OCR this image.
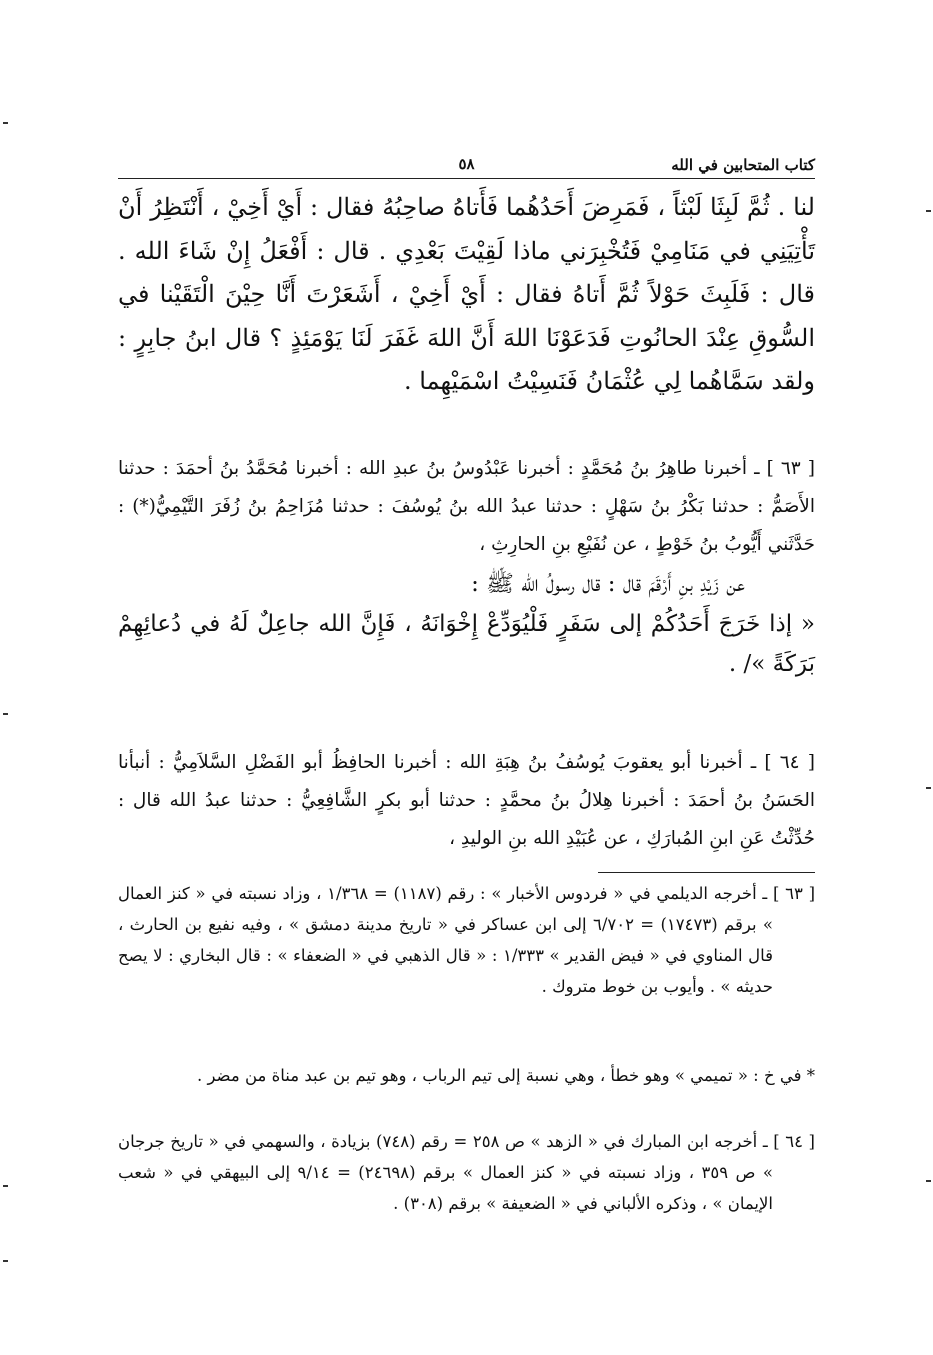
٥٨	كتاب المتحابين في الله

لنا . ثُمَّ لَبِثَا لَبْثاً ، فَمَرِضَ أَحَدُهُما فَأَتاهُ صاحِبُهُ فقال : أَيْ أَخِيْ ، أَنْتَظِرُ أَنْ تَأْتِيَنِي في مَنَامِيْ فَتُخْبِرَني ماذا لَقِيْتَ بَعْدِي . قال : أَفْعَلُ إِنْ شَاءَ الله . قال : فَلَبِثَ حَوْلاً ثُمَّ أَتاهُ فقال : أَيْ أَخِيْ ، أَشَعَرْتَ أَنَّا حِيْنَ الْتَقَيْنا في السُّوقِ عِنْدَ الحانُوتِ فَدَعَوْنَا اللهَ أَنَّ اللهَ غَفَرَ لَنَا يَوْمَئِذٍ ؟ قال ابنُ جابِرٍ : ولقد سَمَّاهُما لِي عُثْمَانُ فَنَسِيْتُ اسْمَيْهِما .

[ ٦٣ ] ـ أخبرنا طاهِرُ بنُ مُحَمَّدٍ : أخبرنا عَبْدُوسُ بنُ عبدِ الله : أخبرنا مُحَمَّدُ بنُ أحمَدَ : حدثنا الأَصَمُّ : حدثنا بَكْرُ بنُ سَهْلٍ : حدثنا عبدُ الله بنُ يُوسُفَ : حدثنا مُزَاحِمُ بنُ زُفَرَ التَّيْمِيُّ(*) : حَدَّثَني أَيُّوبُ بنُ خَوْطٍ ، عن نُفَيْعِ بنِ الحارِثِ ،

عن زَيْدِ بنِ أَرْقَمَ قال : قال رسولُ الله ﷺ :

« إذا خَرَجَ أَحَدُكُمْ إلى سَفَرٍ فَلْيُوَدِّعْ إِخْوَانَهُ ، فَإِنَّ الله جاعِلٌ لَهُ في دُعائِهِمْ بَرَكَةً »/ .

[ ٦٤ ] ـ أخبرنا أبو يعقوبَ يُوسُفُ بنُ هِبَةِ الله : أخبرنا الحافِظُ أبو الفَضْلِ السَّلاَمِيُّ : أنبأنا الحَسَنُ بنُ أحمَدَ : أخبرنا هِلالُ بنُ محمَّدٍ : حدثنا أبو بكرٍ الشَّافِعِيُّ : حدثنا عبدُ الله قال : حُدِّثْتُ عَنِ ابنِ المُبارَكِ ، عن عُبَيْدِ الله بنِ الوليدِ ،

[ ٦٣ ] ـ أخرجه الديلمي في « فردوس الأخبار » : رقم (١١٨٧) = ١/٣٦٨ ، وزاد نسبته في « كنز العمال » برقم (١٧٤٧٣) = ٦/٧٠٢ إلى ابن عساكر في « تاريخ مدينة دمشق » ، وفيه نفيع بن الحارث ، قال المناوي في « فيض القدير » ١/٣٣٣ : « قال الذهبي في « الضعفاء » : قال البخاري : لا يصح حديثه » . وأيوب بن خوط متروك .

* في خ : « تميمي » وهو خطأ ، وهي نسبة إلى تيم الرباب ، وهو تيم بن عبد مناة من مضر .

[ ٦٤ ] ـ أخرجه ابن المبارك في « الزهد » ص ٢٥٨ = رقم (٧٤٨) بزيادة ، والسهمي في « تاريخ جرجان » ص ٣٥٩ ، وزاد نسبته في « كنز العمال » برقم (٢٤٦٩٨) = ٩/١٤ إلى البيهقي في « شعب الإيمان » ، وذكره الألباني في « الضعيفة » برقم (٣٠٨) .
